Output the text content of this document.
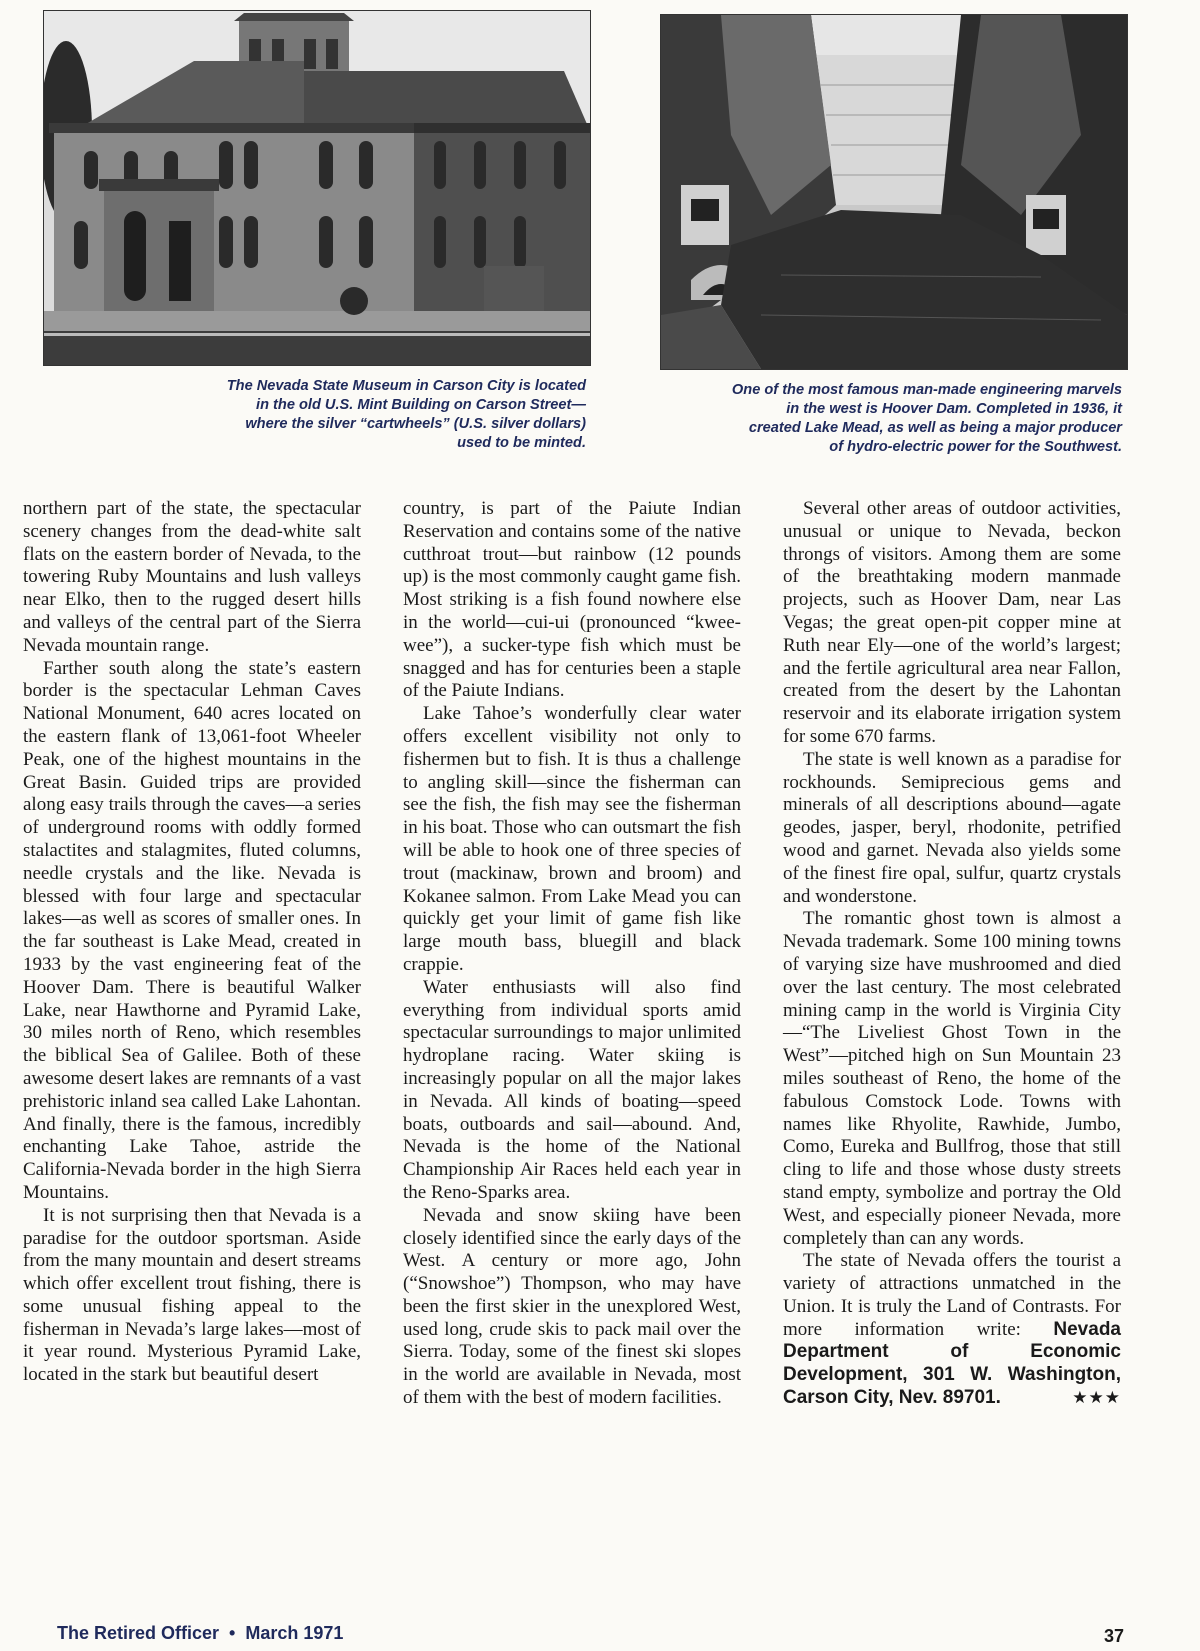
The Nevada State Museum in Carson City is located
in the old U.S. Mint Building on Carson Street—
where the silver “cartwheels” (U.S. silver dollars)
used to be minted.
One of the most famous man-made engineering marvels
in the west is Hoover Dam. Completed in 1936, it
created Lake Mead, as well as being a major producer
of hydro-electric power for the Southwest.

northern part of the state, the spectacular scenery changes from the dead-white salt flats on the eastern border of Nevada, to the towering Ruby Mountains and lush valleys near Elko, then to the rugged desert hills and valleys of the central part of the Sierra Nevada mountain range.

Farther south along the state’s eastern border is the spectacular Lehman Caves National Monument, 640 acres located on the eastern flank of 13,061-foot Wheeler Peak, one of the highest mountains in the Great Basin. Guided trips are provided along easy trails through the caves—a series of underground rooms with oddly formed stalactites and stalagmites, fluted columns, needle crystals and the like. Nevada is blessed with four large and spectacular lakes—as well as scores of smaller ones. In the far southeast is Lake Mead, created in 1933 by the vast engineering feat of the Hoover Dam. There is beautiful Walker Lake, near Hawthorne and Pyramid Lake, 30 miles north of Reno, which resembles the biblical Sea of Galilee. Both of these awesome desert lakes are remnants of a vast prehistoric inland sea called Lake Lahontan. And finally, there is the famous, incredibly enchanting Lake Tahoe, astride the California-Nevada border in the high Sierra Mountains.

It is not surprising then that Nevada is a paradise for the outdoor sportsman. Aside from the many mountain and desert streams which offer excellent trout fishing, there is some unusual fishing appeal to the fisherman in Nevada’s large lakes—most of it year round. Mysterious Pyramid Lake, located in the stark but beautiful desert

country, is part of the Paiute Indian Reservation and contains some of the native cutthroat trout—but rainbow (12 pounds up) is the most commonly caught game fish. Most striking is a fish found nowhere else in the world—cui-ui (pronounced “kwee-wee”), a sucker-type fish which must be snagged and has for centuries been a staple of the Paiute Indians.

Lake Tahoe’s wonderfully clear water offers excellent visibility not only to fishermen but to fish. It is thus a challenge to angling skill—since the fisherman can see the fish, the fish may see the fisherman in his boat. Those who can outsmart the fish will be able to hook one of three species of trout (mackinaw, brown and broom) and Kokanee salmon. From Lake Mead you can quickly get your limit of game fish like large mouth bass, bluegill and black crappie.

Water enthusiasts will also find everything from individual sports amid spectacular surroundings to major unlimited hydroplane racing. Water skiing is increasingly popular on all the major lakes in Nevada. All kinds of boating—speed boats, outboards and sail—abound. And, Nevada is the home of the National Championship Air Races held each year in the Reno-Sparks area.

Nevada and snow skiing have been closely identified since the early days of the West. A century or more ago, John (“Snowshoe”) Thompson, who may have been the first skier in the unexplored West, used long, crude skis to pack mail over the Sierra. Today, some of the finest ski slopes in the world are available in Nevada, most of them with the best of modern facilities.

Several other areas of outdoor activities, unusual or unique to Nevada, beckon throngs of visitors. Among them are some of the breathtaking modern manmade projects, such as Hoover Dam, near Las Vegas; the great open-pit copper mine at Ruth near Ely—one of the world’s largest; and the fertile agricultural area near Fallon, created from the desert by the Lahontan reservoir and its elaborate irrigation system for some 670 farms.

The state is well known as a paradise for rockhounds. Semiprecious gems and minerals of all descriptions abound—agate geodes, jasper, beryl, rhodonite, petrified wood and garnet. Nevada also yields some of the finest fire opal, sulfur, quartz crystals and wonderstone.

The romantic ghost town is almost a Nevada trademark. Some 100 mining towns of varying size have mushroomed and died over the last century. The most celebrated mining camp in the world is Virginia City—“The Liveliest Ghost Town in the West”—pitched high on Sun Mountain 23 miles southeast of Reno, the home of the fabulous Comstock Lode. Towns with names like Rhyolite, Rawhide, Jumbo, Como, Eureka and Bullfrog, those that still cling to life and those whose dusty streets stand empty, symbolize and portray the Old West, and especially pioneer Nevada, more completely than can any words.

The state of Nevada offers the tourist a variety of attractions unmatched in the Union. It is truly the Land of Contrasts. For more information write: Nevada Department of Economic Development, 301 W. Washington, Carson City, Nev. 89701.	★★★

The Retired Officer • March 1971	37
